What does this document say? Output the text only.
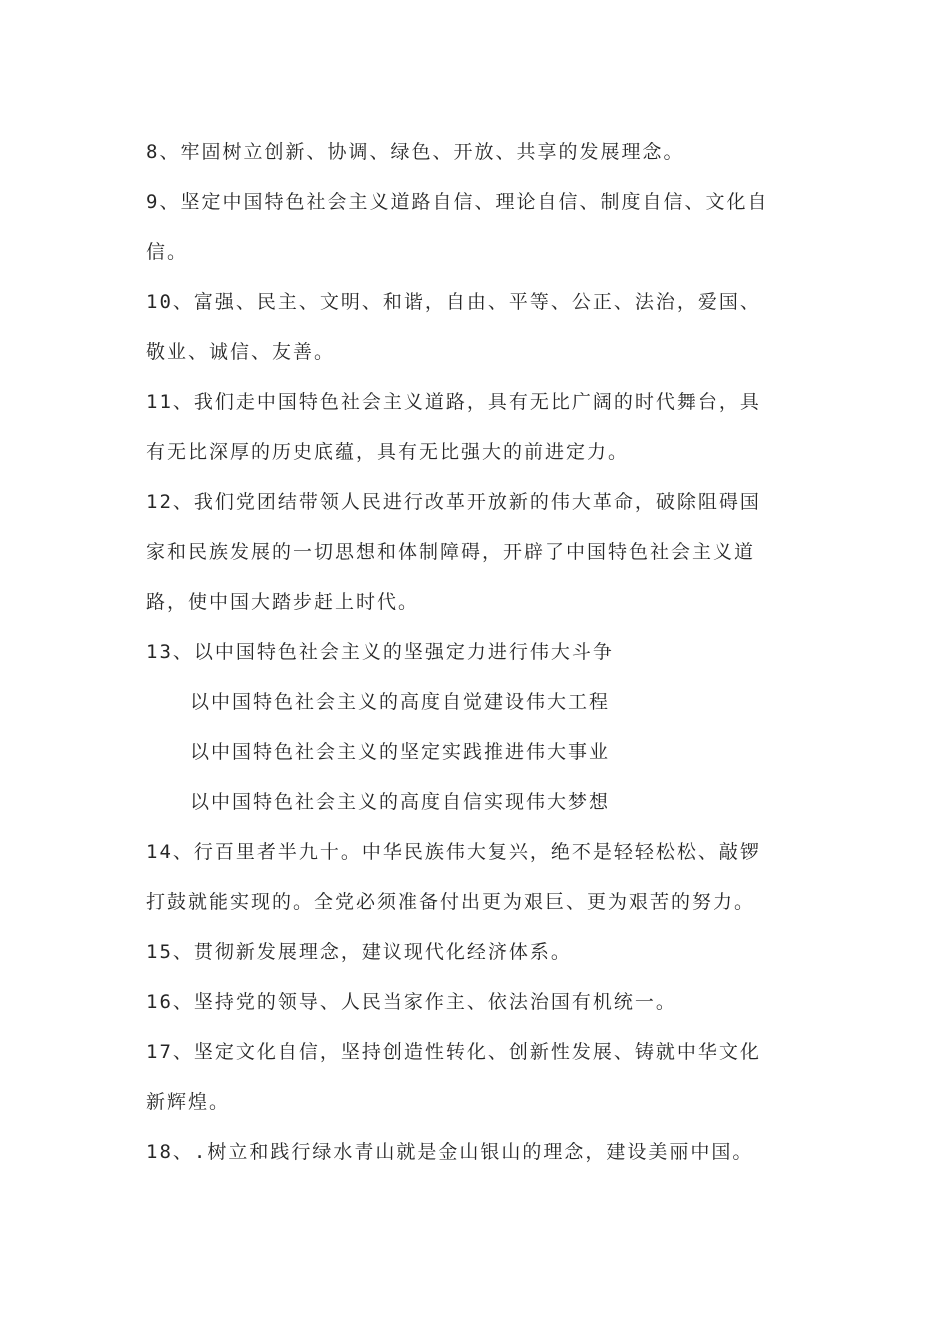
8、牢固树立创新、协调、绿色、开放、共享的发展理念。
9、坚定中国特色社会主义道路自信、理论自信、制度自信、文化自
信。
10、富强、民主、文明、和谐，自由、平等、公正、法治，爱国、
敬业、诚信、友善。
11、我们走中国特色社会主义道路，具有无比广阔的时代舞台，具
有无比深厚的历史底蕴，具有无比强大的前进定力。
12、我们党团结带领人民进行改革开放新的伟大革命，破除阻碍国
家和民族发展的一切思想和体制障碍，开辟了中国特色社会主义道
路，使中国大踏步赶上时代。
13、以中国特色社会主义的坚强定力进行伟大斗争
以中国特色社会主义的高度自觉建设伟大工程
以中国特色社会主义的坚定实践推进伟大事业
以中国特色社会主义的高度自信实现伟大梦想
14、行百里者半九十。中华民族伟大复兴，绝不是轻轻松松、敲锣
打鼓就能实现的。全党必须准备付出更为艰巨、更为艰苦的努力。
15、贯彻新发展理念，建议现代化经济体系。
16、坚持党的领导、人民当家作主、依法治国有机统一。
17、坚定文化自信，坚持创造性转化、创新性发展、铸就中华文化
新辉煌。
18、.树立和践行绿水青山就是金山银山的理念，建设美丽中国。
